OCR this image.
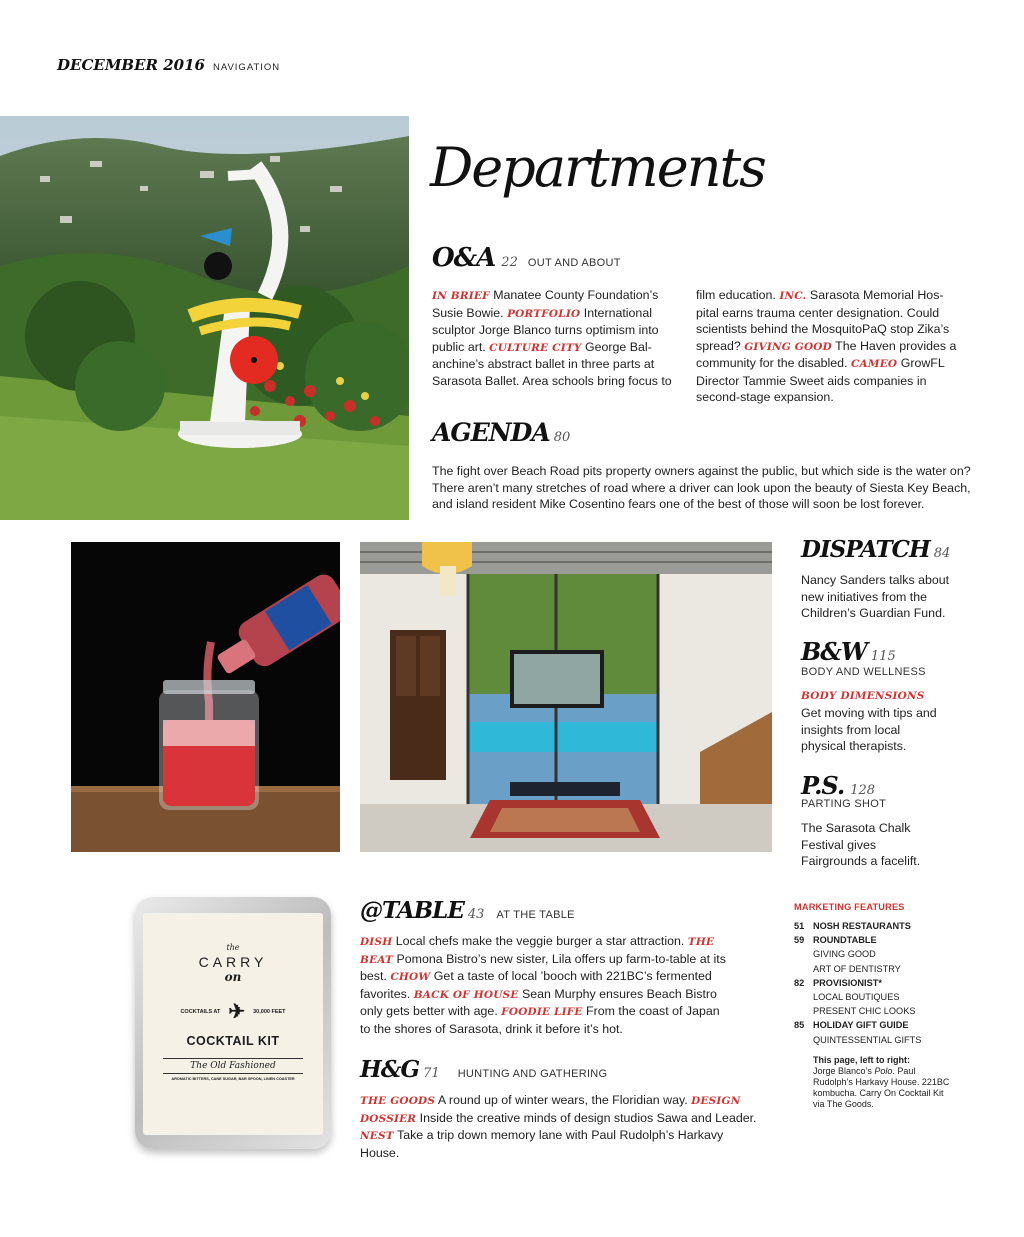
DECEMBER 2016 NAVIGATION
Departments
O&A 22 OUT AND ABOUT
IN BRIEF Manatee County Foundation’s Susie Bowie. PORTFOLIO International sculptor Jorge Blanco turns optimism into public art. CULTURE CITY George Balanchine’s abstract ballet in three parts at Sarasota Ballet. Area schools bring focus to
film education. INC. Sarasota Memorial Hospital earns trauma center designation. Could scientists behind the MosquitoPaQ stop Zika’s spread? GIVING GOOD The Haven provides a community for the disabled. CAMEO GrowFL Director Tammie Sweet aids companies in second-stage expansion.
AGENDA 80
The fight over Beach Road pits property owners against the public, but which side is the water on? There aren’t many stretches of road where a driver can look upon the beauty of Siesta Key Beach, and island resident Mike Cosentino fears one of the best of those will soon be lost forever.
DISPATCH 84
Nancy Sanders talks about new initiatives from the Children’s Guardian Fund.
B&W 115
BODY AND WELLNESS
BODY DIMENSIONS
Get moving with tips and insights from local physical therapists.
P.S. 128
PARTING SHOT
The Sarasota Chalk Festival gives Fairgrounds a facelift.
the
CARRY
on
COCKTAILS AT ✈ 30,000 FEET
COCKTAIL KIT
The Old Fashioned
AROMATIC BITTERS, CANE SUGAR, BAR SPOON, LINEN COASTER
@TABLE 43 AT THE TABLE
DISH Local chefs make the veggie burger a star attraction. THE BEAT Pomona Bistro’s new sister, Lila offers up farm-to-table at its best. CHOW Get a taste of local ’booch with 221BC’s fermented favorites. BACK OF HOUSE Sean Murphy ensures Beach Bistro only gets better with age. FOODIE LIFE From the coast of Japan to the shores of Sarasota, drink it before it’s hot.
H&G 71 HUNTING AND GATHERING
THE GOODS A round up of winter wears, the Floridian way. DESIGN DOSSIER Inside the creative minds of design studios Sawa and Leader. NEST Take a trip down memory lane with Paul Rudolph’s Harkavy House.
MARKETING FEATURES
51 NOSH RESTAURANTS
59 ROUNDTABLE
GIVING GOOD
ART OF DENTISTRY
82 PROVISIONIST*
LOCAL BOUTIQUES
PRESENT CHIC LOOKS
85 HOLIDAY GIFT GUIDE
QUINTESSENTIAL GIFTS
This page, left to right:
Jorge Blanco’s Polo. Paul Rudolph’s Harkavy House. 221BC kombucha. Carry On Cocktail Kit via The Goods.
